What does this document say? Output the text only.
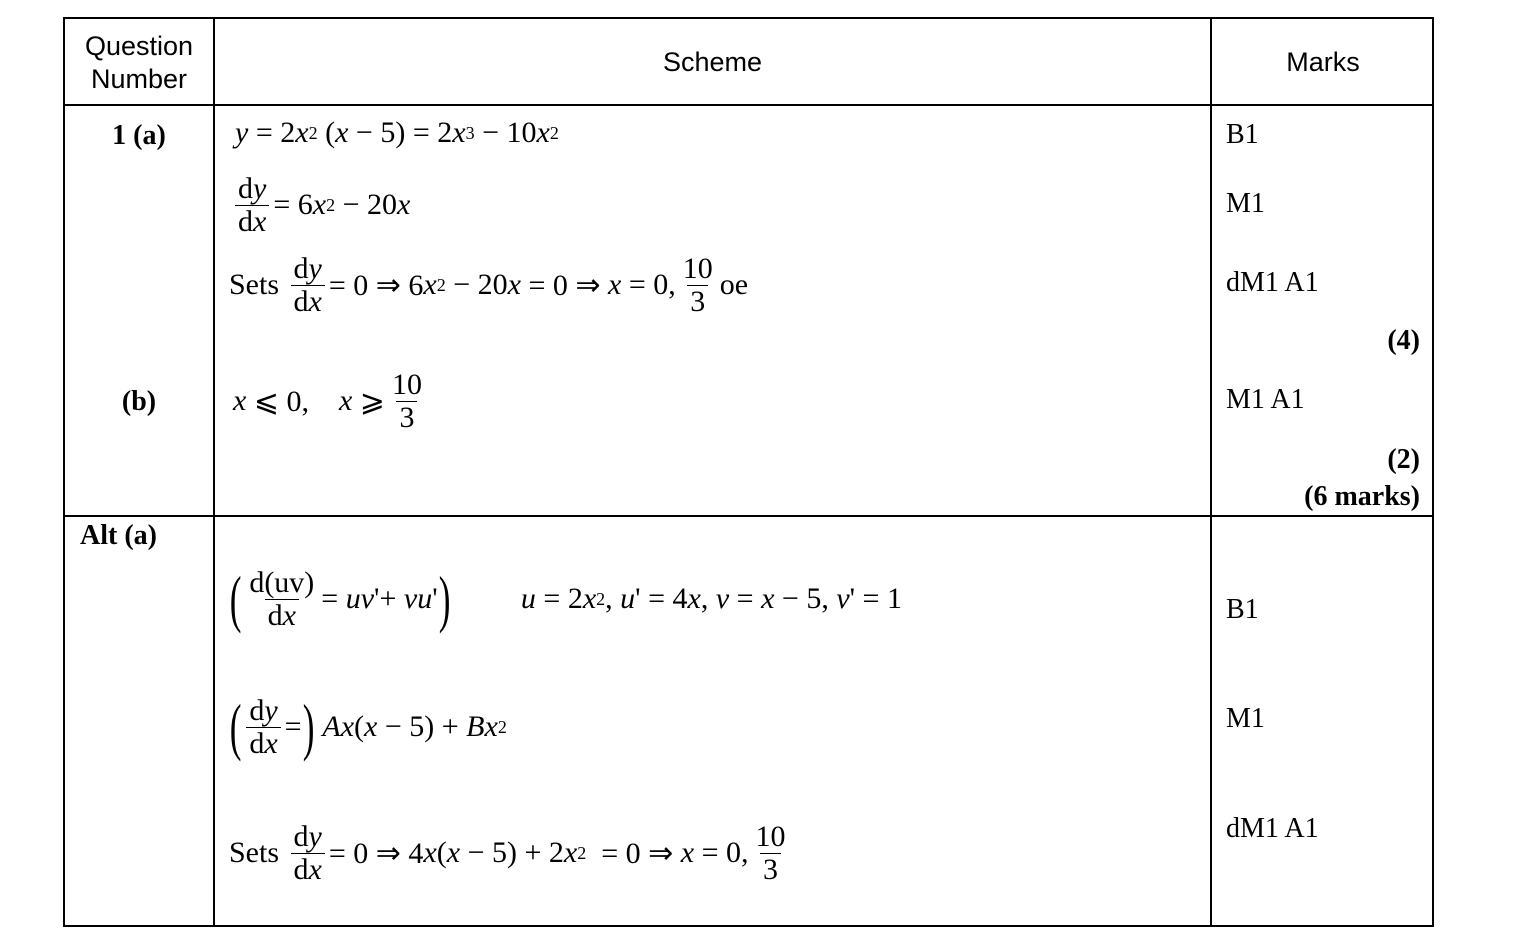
Question
Number
Scheme	Marks
1 (a)
(b)
y = 2 x 2 ( x − 5) = 2 x 3 − 10 x 2
$\frac{dy}{dx} = 6$ x 2 − 20 x
Sets $\frac{dy}{dx} = 0$ ⇒ 6 x 2 − 20 x = 0 ⇒ x = 0, $\frac{10}{3}$ oe
x ⩽ 0, x ⩾ $\frac{10}{3}$
B1
M1
dM1 A1
(4)
M1 A1
(2)
(6 marks)
Alt (a)
( $\frac{d(uv)}{dx}$ = uv '+ vu ' ) u = 2 x 2 , u ' = 4 x , v = x − 5, v ' = 1
( $\frac{dy}{dx}$ = )
Ax ( x − 5) + Bx 2
Sets $\frac{dy}{dx} = 0$ ⇒ 4 x ( x − 5) + 2 x 2 = 0 ⇒ x = 0, $\frac{10}{3}$
B1
M1
dM1 A1
